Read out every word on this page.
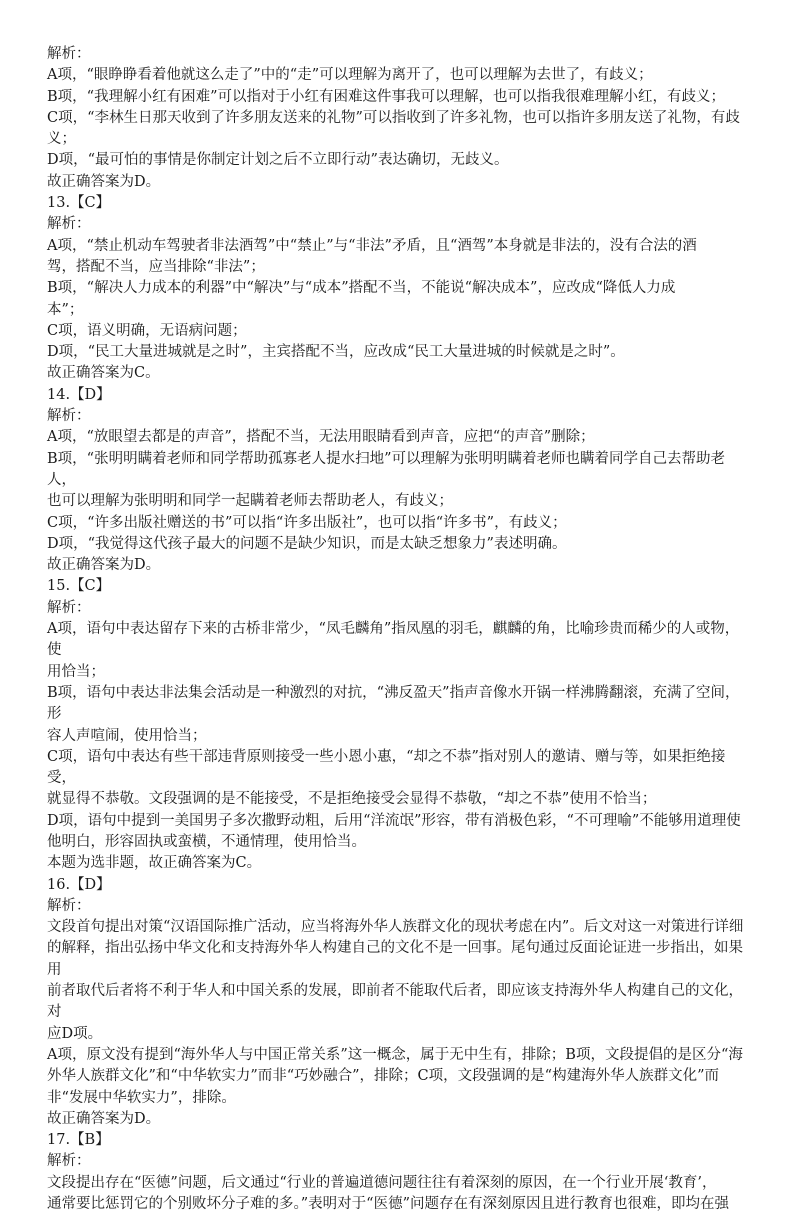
解析：
A项，“眼睁睁看着他就这么走了”中的“走”可以理解为离开了，也可以理解为去世了，有歧义；
B项，“我理解小红有困难”可以指对于小红有困难这件事我可以理解，也可以指我很难理解小红，有歧义；
C项，“李林生日那天收到了许多朋友送来的礼物”可以指收到了许多礼物，也可以指许多朋友送了礼物，有歧
义；
D项，“最可怕的事情是你制定计划之后不立即行动”表达确切，无歧义。
故正确答案为D。
13.【C】
解析：
A项，“禁止机动车驾驶者非法酒驾”中“禁止”与“非法”矛盾，且“酒驾”本身就是非法的，没有合法的酒
驾，搭配不当，应当排除“非法”；
B项，“解决人力成本的利器”中“解决”与“成本”搭配不当，不能说“解决成本”，应改成“降低人力成
本”；
C项，语义明确，无语病问题；
D项，“民工大量进城就是之时”，主宾搭配不当，应改成“民工大量进城的时候就是之时”。
故正确答案为C。
14.【D】
解析：
A项，“放眼望去都是的声音”，搭配不当，无法用眼睛看到声音，应把“的声音”删除；
B项，“张明明瞒着老师和同学帮助孤寡老人提水扫地”可以理解为张明明瞒着老师也瞒着同学自己去帮助老人，
也可以理解为张明明和同学一起瞒着老师去帮助老人，有歧义；
C项，“许多出版社赠送的书”可以指“许多出版社”，也可以指“许多书”，有歧义；
D项，“我觉得这代孩子最大的问题不是缺少知识，而是太缺乏想象力”表述明确。
故正确答案为D。
15.【C】
解析：
A项，语句中表达留存下来的古桥非常少，“凤毛麟角”指凤凰的羽毛，麒麟的角，比喻珍贵而稀少的人或物，使
用恰当；
B项，语句中表达非法集会活动是一种激烈的对抗，“沸反盈天”指声音像水开锅一样沸腾翻滚，充满了空间，形
容人声喧闹，使用恰当；
C项，语句中表达有些干部违背原则接受一些小恩小惠，“却之不恭”指对别人的邀请、赠与等，如果拒绝接受，
就显得不恭敬。文段强调的是不能接受，不是拒绝接受会显得不恭敬，“却之不恭”使用不恰当；
D项，语句中提到一美国男子多次撒野动粗，后用“洋流氓”形容，带有消极色彩，“不可理喻”不能够用道理使
他明白，形容固执或蛮横，不通情理，使用恰当。
本题为选非题，故正确答案为C。
16.【D】
解析：
文段首句提出对策“汉语国际推广活动，应当将海外华人族群文化的现状考虑在内”。后文对这一对策进行详细
的解释，指出弘扬中华文化和支持海外华人构建自己的文化不是一回事。尾句通过反面论证进一步指出，如果用
前者取代后者将不利于华人和中国关系的发展，即前者不能取代后者，即应该支持海外华人构建自己的文化，对
应D项。
A项，原文没有提到“海外华人与中国正常关系”这一概念，属于无中生有，排除；B项，文段提倡的是区分“海
外华人族群文化”和“中华软实力”而非“巧妙融合”，排除；C项，文段强调的是“构建海外华人族群文化”而
非“发展中华软实力”，排除。
故正确答案为D。
17.【B】
解析：
文段提出存在“医德”问题，后文通过“行业的普遍道德问题往往有着深刻的原因，在一个行业开展‘教育’，
通常要比惩罚它的个别败坏分子难的多。”表明对于“医德”问题存在有深刻原因且进行教育也很难，即均在强
